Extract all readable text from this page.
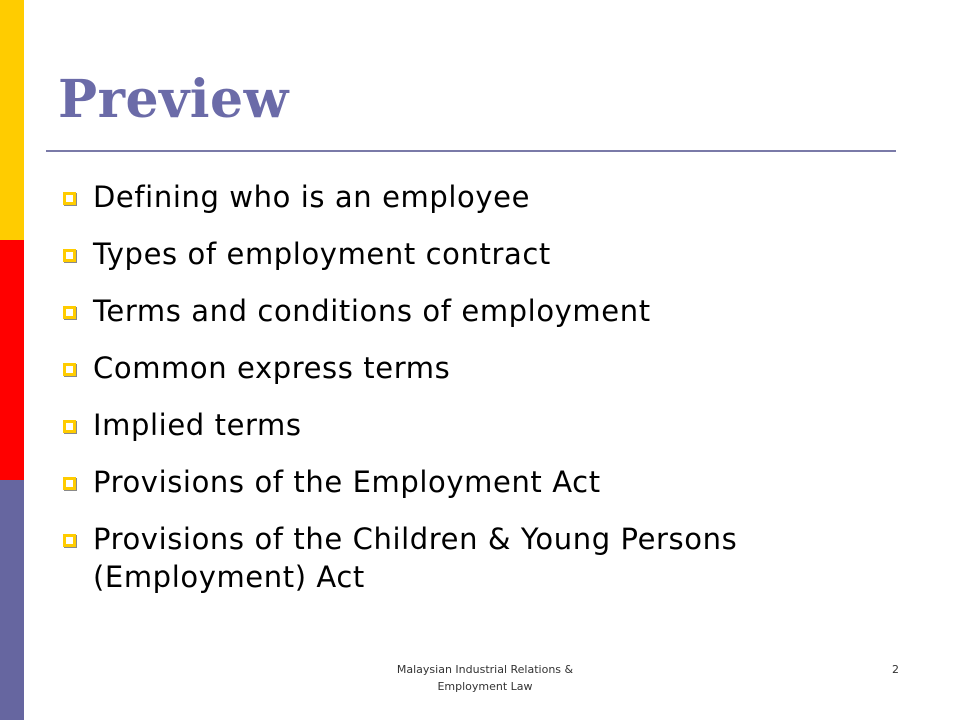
Preview
Defining who is an employee
Types of employment contract
Terms and conditions of employment
Common express terms
Implied terms
Provisions of the Employment Act
Provisions of the Children & Young Persons (Employment) Act
Malaysian Industrial Relations &
Employment Law
2
